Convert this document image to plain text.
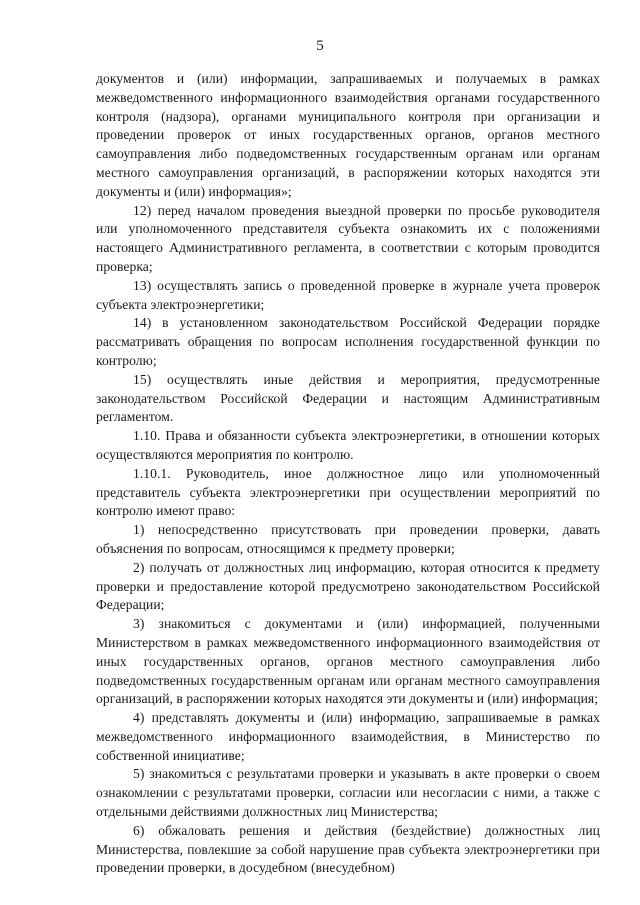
5

документов и (или) информации, запрашиваемых и получаемых в рамках межведомственного информационного взаимодействия органами государственного контроля (надзора), органами муниципального контроля при организации и проведении проверок от иных государственных органов, органов местного самоуправления либо подведомственных государственным органам или органам местного самоуправления организаций, в распоряжении которых находятся эти документы и (или) информация»;

12) перед началом проведения выездной проверки по просьбе руководителя или уполномоченного представителя субъекта ознакомить их с положениями настоящего Административного регламента, в соответствии с которым проводится проверка;

13) осуществлять запись о проведенной проверке в журнале учета проверок субъекта электроэнергетики;

14) в установленном законодательством Российской Федерации порядке рассматривать обращения по вопросам исполнения государственной функции по контролю;

15) осуществлять иные действия и мероприятия, предусмотренные законодательством Российской Федерации и настоящим Административным регламентом.

1.10. Права и обязанности субъекта электроэнергетики, в отношении которых осуществляются мероприятия по контролю.

1.10.1. Руководитель, иное должностное лицо или уполномоченный представитель субъекта электроэнергетики при осуществлении мероприятий по контролю имеют право:

1) непосредственно присутствовать при проведении проверки, давать объяснения по вопросам, относящимся к предмету проверки;

2) получать от должностных лиц информацию, которая относится к предмету проверки и предоставление которой предусмотрено законодательством Российской Федерации;

3) знакомиться с документами и (или) информацией, полученными Министерством в рамках межведомственного информационного взаимодействия от иных государственных органов, органов местного самоуправления либо подведомственных государственным органам или органам местного самоуправления организаций, в распоряжении которых находятся эти документы и (или) информация;

4) представлять документы и (или) информацию, запрашиваемые в рамках межведомственного информационного взаимодействия, в Министерство по собственной инициативе;

5) знакомиться с результатами проверки и указывать в акте проверки о своем ознакомлении с результатами проверки, согласии или несогласии с ними, а также с отдельными действиями должностных лиц Министерства;

6) обжаловать решения и действия (бездействие) должностных лиц Министерства, повлекшие за собой нарушение прав субъекта электроэнергетики при проведении проверки, в досудебном (внесудебном)
